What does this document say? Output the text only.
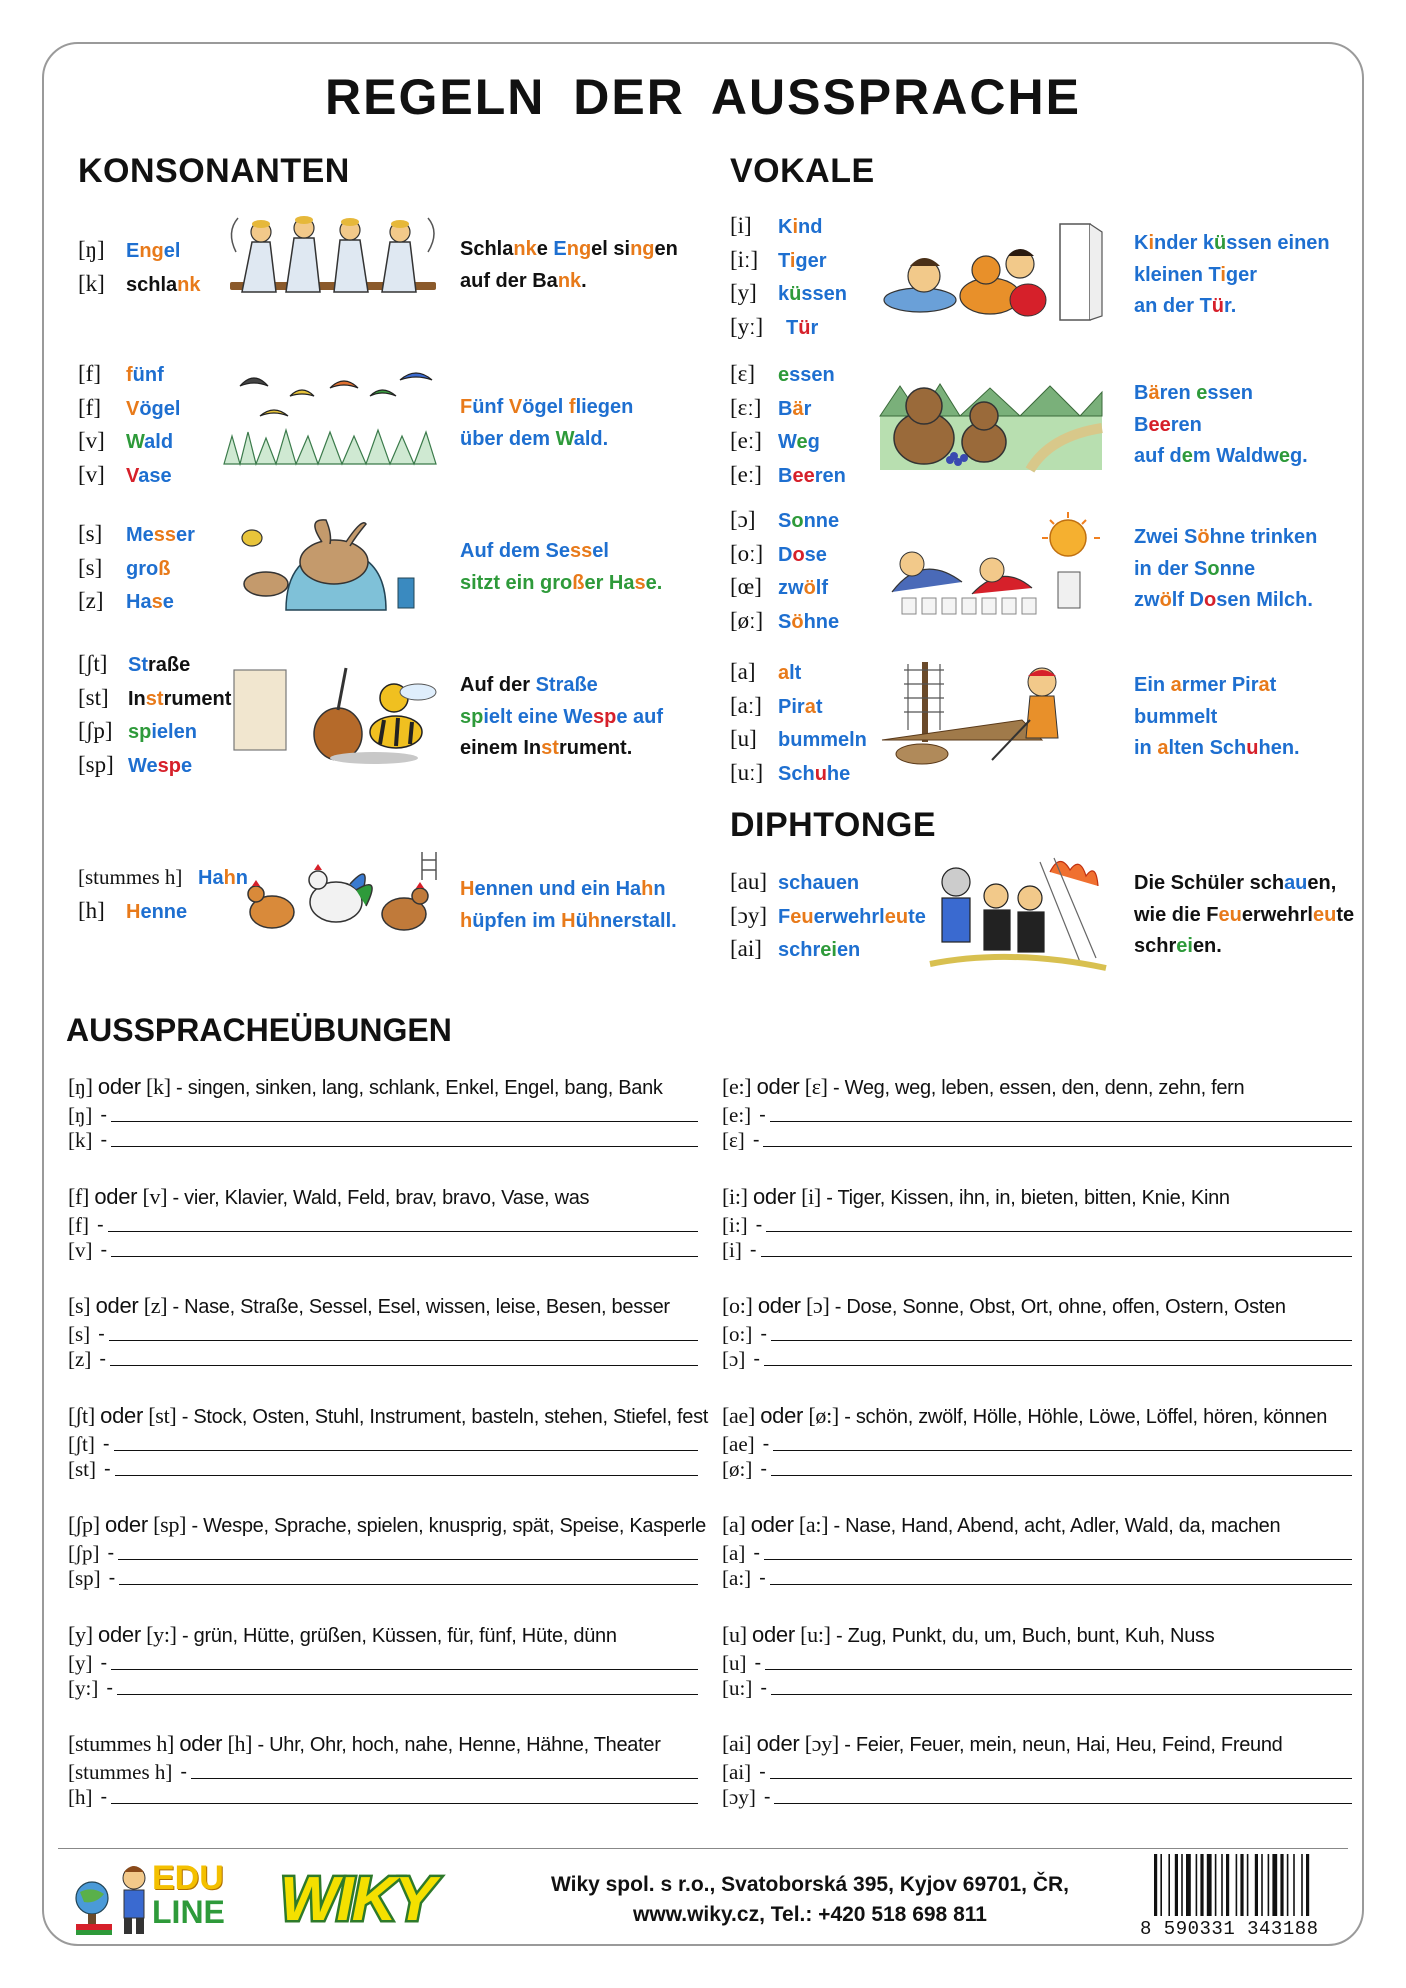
REGELN DER AUSSPRACHE
KONSONANTEN	VOKALE
DIPHTONGE
[ŋ] Engel
[k] schlank
Schlanke Engel singen
auf der Bank.
[f] fünf
[f] Vögel
[v] Wald
[v] Vase
Fünf Vögel fliegen
über dem Wald.
[s] Messer
[s] groß
[z] Hase
Auf dem Sessel
sitzt ein großer Hase.
[ʃt] Straße
[st] Instrument
[ʃp] spielen
[sp] Wespe
Auf der Straße
spielt eine Wespe auf
einem Instrument.
[stummes h] Hahn
[h] Henne
Hennen und ein Hahn
hüpfen im Hühnerstall.
[i] Kind
[iː] Tiger
[y] küssen
[yː] Tür
Kinder küssen einen
kleinen Tiger
an der Tür.
[ɛ] essen
[ɛː] Bär
[eː] Weg
[eː] Beeren
Bären essen
Beeren
auf dem Waldweg.
[ɔ] Sonne
[oː] Dose
[œ] zwölf
[øː] Söhne
Zwei Söhne trinken
in der Sonne
zwölf Dosen Milch.
[a] alt
[aː] Pirat
[u] bummeln
[uː] Schuhe
Ein armer Pirat
bummelt
in alten Schuhen.
[au] schauen
[ɔy] Feuerwehrleute
[ai] schreien
Die Schüler schauen,
wie die Feuerwehrleute
schreien.
AUSSPRACHEÜBUNGEN
[ŋ] oder [k] - singen, sinken, lang, schlank, Enkel, Engel, bang, Bank
[ŋ] -
[k] -
[f] oder [v] - vier, Klavier, Wald, Feld, brav, bravo, Vase, was
[f] -
[v] -
[s] oder [z] - Nase, Straße, Sessel, Esel, wissen, leise, Besen, besser
[s] -
[z] -
[ʃt] oder [st] - Stock, Osten, Stuhl, Instrument, basteln, stehen, Stiefel, fest
[ʃt] -
[st] -
[ʃp] oder [sp] - Wespe, Sprache, spielen, knusprig, spät, Speise, Kasperle
[ʃp] -
[sp] -
[y] oder [y:] - grün, Hütte, grüßen, Küssen, für, fünf, Hüte, dünn
[y] -
[y:] -
[stummes h] oder [h] - Uhr, Ohr, hoch, nahe, Henne, Hähne, Theater
[stummes h] -
[h] -
[e:] oder [ɛ] - Weg, weg, leben, essen, den, denn, zehn, fern
[e:] -
[ɛ] -
[i:] oder [i] - Tiger, Kissen, ihn, in, bieten, bitten, Knie, Kinn
[i:] -
[i] -
[o:] oder [ɔ] - Dose, Sonne, Obst, Ort, ohne, offen, Ostern, Osten
[o:] -
[ɔ] -
[ae] oder [ø:] - schön, zwölf, Hölle, Höhle, Löwe, Löffel, hören, können
[ae] -
[ø:] -
[a] oder [a:] - Nase, Hand, Abend, acht, Adler, Wald, da, machen
[a] -
[a:] -
[u] oder [u:] - Zug, Punkt, du, um, Buch, bunt, Kuh, Nuss
[u] -
[u:] -
[ai] oder [ɔy] - Feier, Feuer, mein, neun, Hai, Heu, Feind, Freund
[ai] -
[ɔy] -
EDU
LINE WIKY	Wiky spol. s r.o., Svatoborská 395, Kyjov 69701, ČR,
www.wiky.cz, Tel.: +420 518 698 811
8 590331 343188
